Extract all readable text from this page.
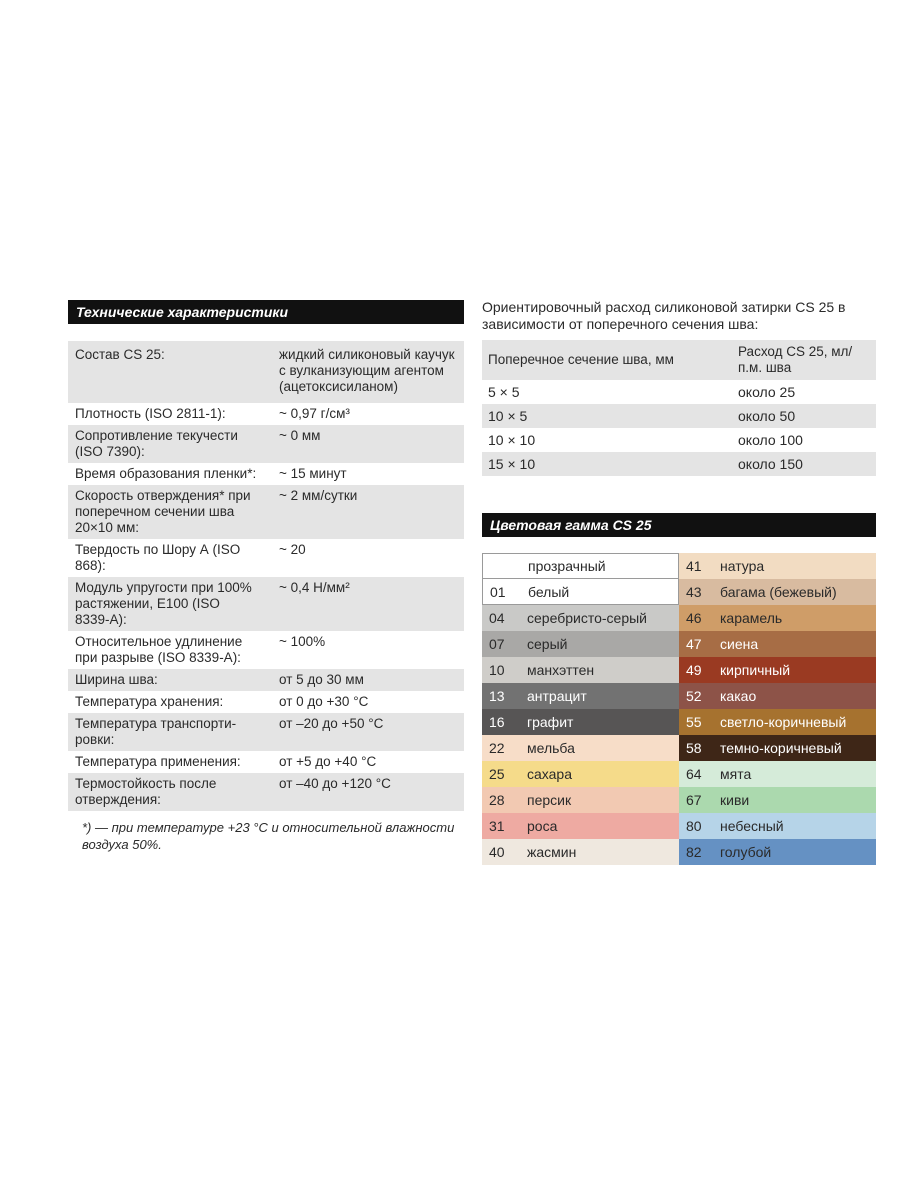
Технические характеристики
Состав CS 25:	жидкий силиконовый каучук с вулканизующим агентом (ацетоксисиланом)
Плотность (ISO 2811-1):	~ 0,97 г/см³
Сопротивление текучести (ISO 7390):	~ 0 мм
Время образования пленки*:	~ 15 минут
Скорость отверждения* при поперечном сечении шва 20×10 мм:	~ 2 мм/сутки
Твердость по Шору А (ISO 868):	~ 20
Модуль упругости при 100% растяжении, E100 (ISO 8339-A):	~ 0,4 Н/мм²
Относительное удлинение при разрыве (ISO 8339-A):	~ 100%
Ширина шва:	от 5 до 30 мм
Температура хранения:	от 0 до +30 °C
Температура транспорти-ровки:	от –20 до +50 °C
Температура применения:	от +5 до +40 °C
Термостойкость после отверждения:	от –40 до +120 °C
*) — при температуре +23 °C и относительной влажности воздуха 50%.
Ориентировочный расход силиконовой затирки CS 25 в зависимости от поперечного сечения шва:
Поперечное сечение шва, мм	Расход CS 25, мл/п.м. шва
5 × 5	около 25
10 × 5	около 50
10 × 10	около 100
15 × 10	около 150
Цветовая гамма CS 25
прозрачный	41 натура

01 белый	43 багама (бежевый)

04 серебристо-серый	46 карамель

07 серый	47 сиена

10 манхэттен	49 кирпичный

13 антрацит	52 какао

16 графит	55 светло-коричневый

22 мельба	58 темно-коричневый

25 сахара	64 мята

28 персик	67 киви

31 роса	80 небесный

40 жасмин	82 голубой
